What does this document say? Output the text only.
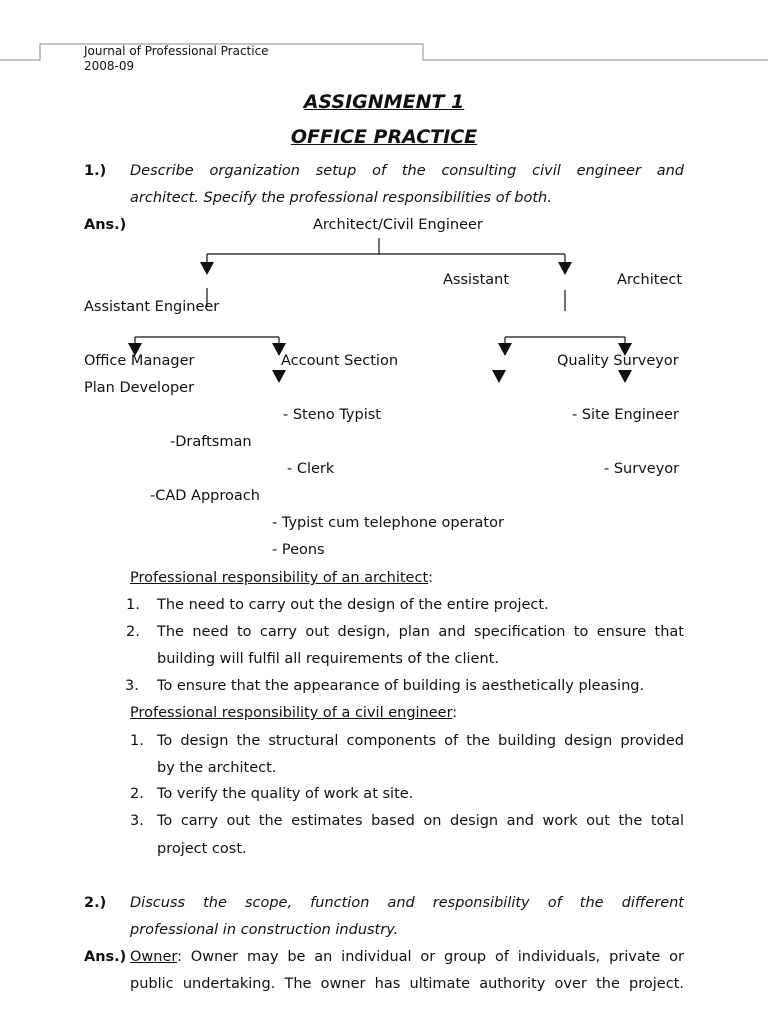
Journal of Professional Practice
2008-09
ASSIGNMENT 1
OFFICE PRACTICE
1.) Describe organization setup of the consulting civil engineer and
architect. Specify the professional responsibilities of both.
Ans.)	Architect/Civil Engineer
Assistant	Architect
Assistant Engineer
Office Manager	Account Section	Quality Surveyor
Plan Developer
- Steno Typist	- Site Engineer
-Draftsman
- Clerk	- Surveyor
-CAD Approach
- Typist cum telephone operator
- Peons
Professional responsibility of an architect:
1. The need to carry out the design of the entire project.
2. The need to carry out design, plan and specification to ensure that
building will fulfil all requirements of the client.
3. To ensure that the appearance of building is aesthetically pleasing.
Professional responsibility of a civil engineer:
1. To design the structural components of the building design provided
by the architect.
2. To verify the quality of work at site.
3. To carry out the estimates based on design and work out the total
project cost.
2.) Discuss the scope, function and responsibility of the different
professional in construction industry.
Ans.) Owner: Owner may be an individual or group of individuals, private or
public undertaking. The owner has ultimate authority over the project.
